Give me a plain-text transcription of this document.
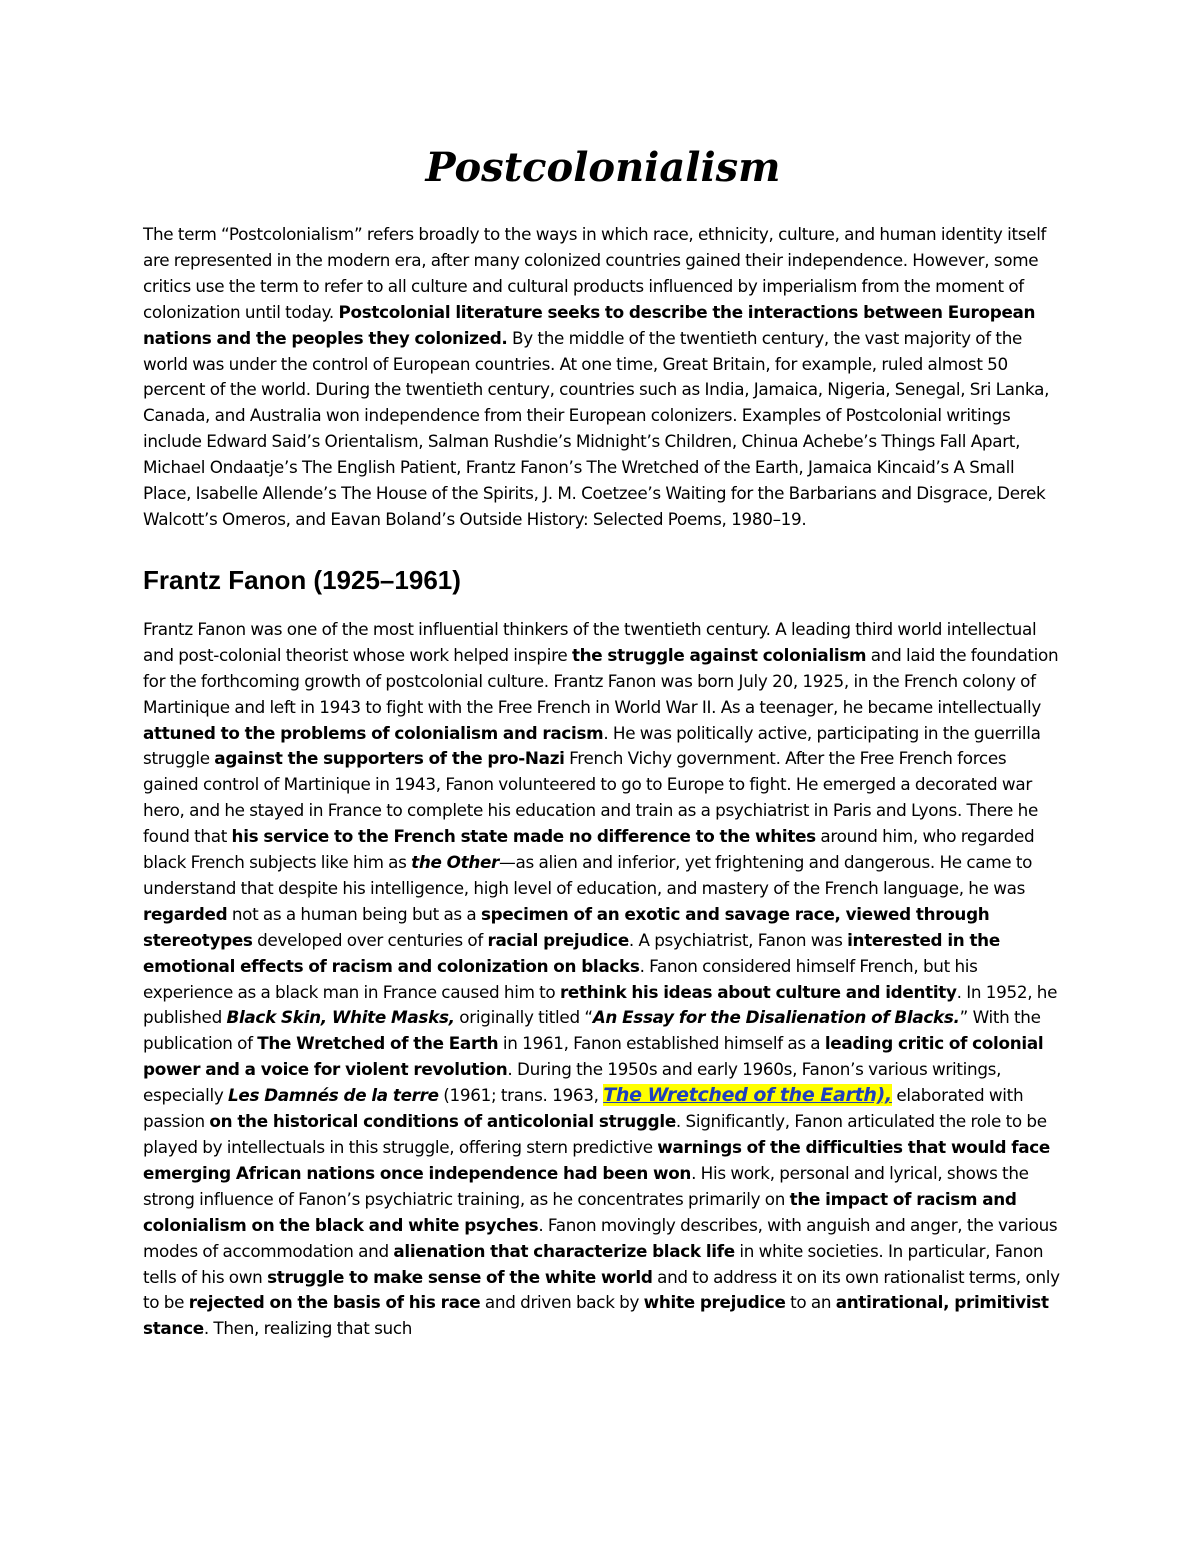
Postcolonialism

The term “Postcolonialism” refers broadly to the ways in which race, ethnicity, culture, and human identity itself are represented in the modern era, after many colonized countries gained their independence. However, some critics use the term to refer to all culture and cultural products influenced by imperialism from the moment of colonization until today. Postcolonial literature seeks to describe the interactions between European nations and the peoples they colonized. By the middle of the twentieth century, the vast majority of the world was under the control of European countries. At one time, Great Britain, for example, ruled almost 50 percent of the world. During the twentieth century, countries such as India, Jamaica, Nigeria, Senegal, Sri Lanka, Canada, and Australia won independence from their European colonizers. Examples of Postcolonial writings include Edward Said’s Orientalism, Salman Rushdie’s Midnight’s Children, Chinua Achebe’s Things Fall Apart, Michael Ondaatje’s The English Patient, Frantz Fanon’s The Wretched of the Earth, Jamaica Kincaid’s A Small Place, Isabelle Allende’s The House of the Spirits, J. M. Coetzee’s Waiting for the Barbarians and Disgrace, Derek Walcott’s Omeros, and Eavan Boland’s Outside History: Selected Poems, 1980–19.

Frantz Fanon (1925–1961)

Frantz Fanon was one of the most influential thinkers of the twentieth century. A leading third world intellectual and post-colonial theorist whose work helped inspire the struggle against colonialism and laid the foundation for the forthcoming growth of postcolonial culture. Frantz Fanon was born July 20, 1925, in the French colony of Martinique and left in 1943 to fight with the Free French in World War II. As a teenager, he became intellectually attuned to the problems of colonialism and racism. He was politically active, participating in the guerrilla struggle against the supporters of the pro-Nazi French Vichy government. After the Free French forces gained control of Martinique in 1943, Fanon volunteered to go to Europe to fight. He emerged a decorated war hero, and he stayed in France to complete his education and train as a psychiatrist in Paris and Lyons. There he found that his service to the French state made no difference to the whites around him, who regarded black French subjects like him as the Other—as alien and inferior, yet frightening and dangerous. He came to understand that despite his intelligence, high level of education, and mastery of the French language, he was regarded not as a human being but as a specimen of an exotic and savage race, viewed through stereotypes developed over centuries of racial prejudice. A psychiatrist, Fanon was interested in the emotional effects of racism and colonization on blacks. Fanon considered himself French, but his experience as a black man in France caused him to rethink his ideas about culture and identity. In 1952, he published Black Skin, White Masks, originally titled “An Essay for the Disalienation of Blacks.” With the publication of The Wretched of the Earth in 1961, Fanon established himself as a leading critic of colonial power and a voice for violent revolution. During the 1950s and early 1960s, Fanon’s various writings, especially Les Damnés de la terre (1961; trans. 1963, The Wretched of the Earth), elaborated with passion on the historical conditions of anticolonial struggle. Significantly, Fanon articulated the role to be played by intellectuals in this struggle, offering stern predictive warnings of the difficulties that would face emerging African nations once independence had been won. His work, personal and lyrical, shows the strong influence of Fanon’s psychiatric training, as he concentrates primarily on the impact of racism and colonialism on the black and white psyches. Fanon movingly describes, with anguish and anger, the various modes of accommodation and alienation that characterize black life in white societies. In particular, Fanon tells of his own struggle to make sense of the white world and to address it on its own rationalist terms, only to be rejected on the basis of his race and driven back by white prejudice to an antirational, primitivist stance. Then, realizing that such
